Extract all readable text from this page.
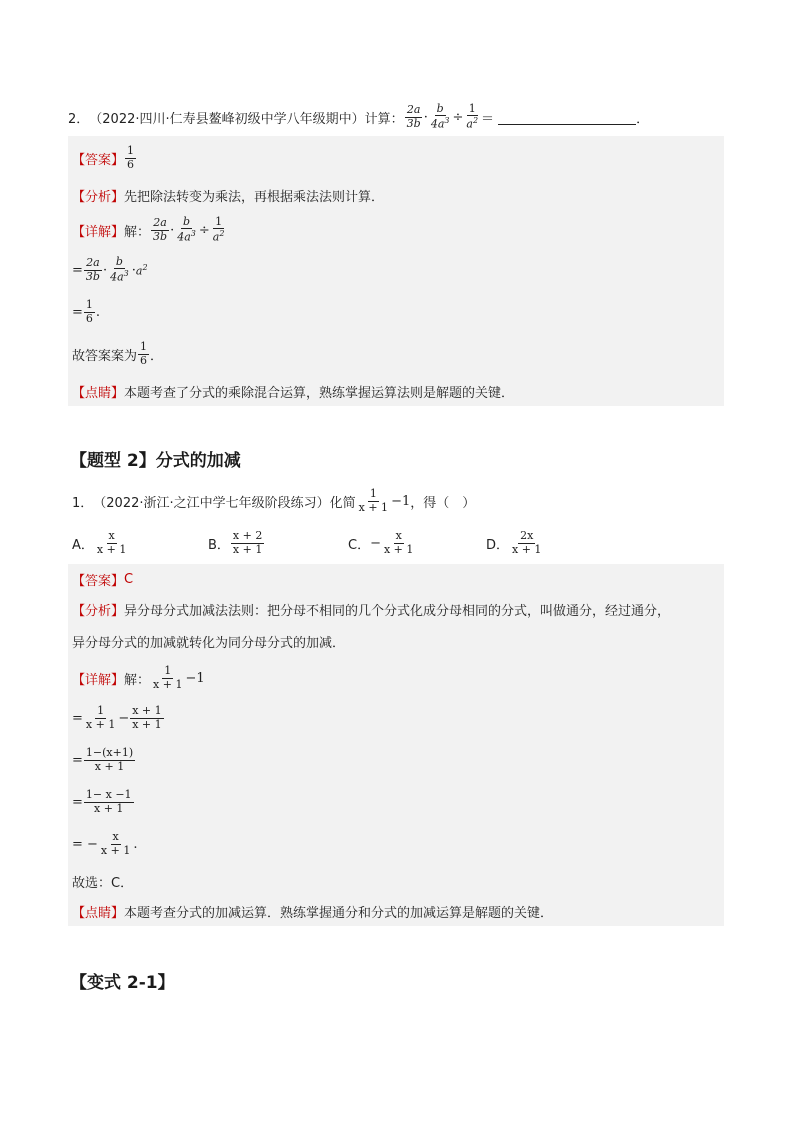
2． （2022·四川·仁寿县鳌峰初级中学八年级期中）计算： $\frac{2a}{3b} \cdot \frac{b}{4a^3} \div \frac{1}{a^2}$ ＝	．
【答案】 $\frac{1}{6}$
【分析】 先把除法转变为乘法，再根据乘法法则计算．
【详解】 解： $\frac{2a}{3b} \cdot \frac{b}{4a^3} \div \frac{1}{a^2}$
= $\frac{2a}{3b} \cdot \frac{b}{4a^3} \cdot a^2$
= $\frac{1}{6}$ .
故答案案为 $\frac{1}{6}$ ．
【点睛】 本题考查了分式的乘除混合运算，熟练掌握运算法则是解题的关键．
【题型 2】分式的加减
1． （2022·浙江·之江中学七年级阶段练习）化简 $\frac{1}{x + 1} -1$ ，得（　）
A． $\frac{x}{x + 1}$	B． $\frac{x + 2}{x + 1}$	C． − $\frac{x}{x + 1}$	D． $\frac{2x}{x + 1}$
【答案】 C
【分析】 异分母分式加减法法则：把分母不相同的几个分式化成分母相同的分式，叫做通分，经过通分，
异分母分式的加减就转化为同分母分式的加减．
【详解】 解： $\frac{1}{x + 1} -1$
= $\frac{1}{x + 1} - \frac{x + 1}{x + 1}$
= $\frac{1-(x+1)}{x + 1}$
= $\frac{1- x -1}{x + 1}$
= − $\frac{x}{x + 1}$ .
故选：C．
【点睛】 本题考查分式的加减运算．熟练掌握通分和分式的加减运算是解题的关键．
【变式 2-1】
